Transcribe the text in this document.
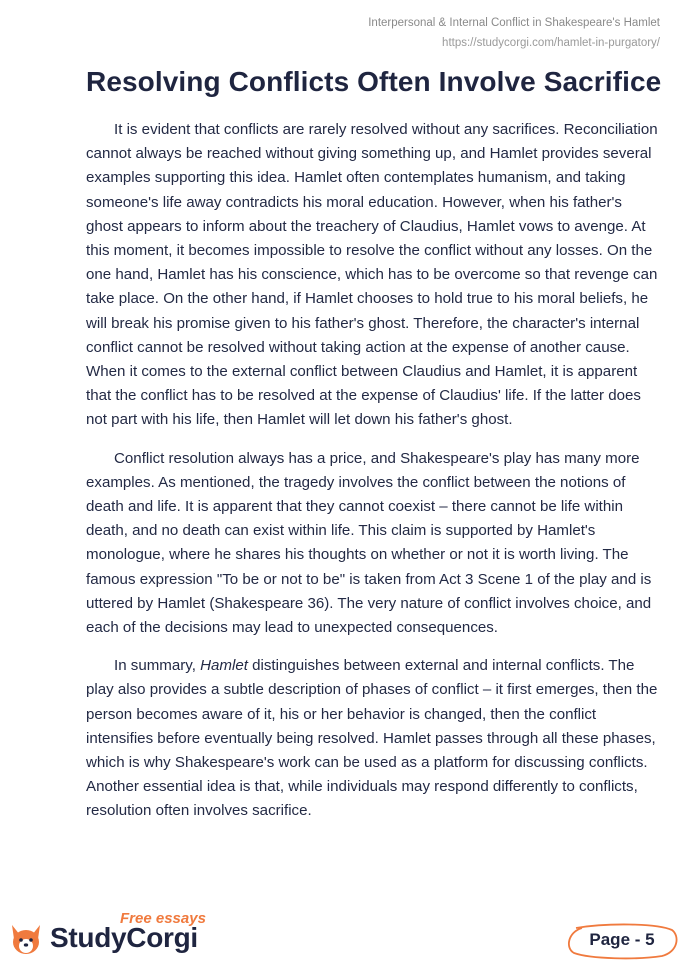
Interpersonal & Internal Conflict in Shakespeare's Hamlet
https://studycorgi.com/hamlet-in-purgatory/
Resolving Conflicts Often Involve Sacrifice

It is evident that conflicts are rarely resolved without any sacrifices. Reconciliation cannot always be reached without giving something up, and Hamlet provides several examples supporting this idea. Hamlet often contemplates humanism, and taking someone's life away contradicts his moral education. However, when his father's ghost appears to inform about the treachery of Claudius, Hamlet vows to avenge. At this moment, it becomes impossible to resolve the conflict without any losses. On the one hand, Hamlet has his conscience, which has to be overcome so that revenge can take place. On the other hand, if Hamlet chooses to hold true to his moral beliefs, he will break his promise given to his father's ghost. Therefore, the character's internal conflict cannot be resolved without taking action at the expense of another cause. When it comes to the external conflict between Claudius and Hamlet, it is apparent that the conflict has to be resolved at the expense of Claudius' life. If the latter does not part with his life, then Hamlet will let down his father's ghost.

Conflict resolution always has a price, and Shakespeare's play has many more examples. As mentioned, the tragedy involves the conflict between the notions of death and life. It is apparent that they cannot coexist – there cannot be life within death, and no death can exist within life. This claim is supported by Hamlet's monologue, where he shares his thoughts on whether or not it is worth living. The famous expression "To be or not to be" is taken from Act 3 Scene 1 of the play and is uttered by Hamlet (Shakespeare 36). The very nature of conflict involves choice, and each of the decisions may lead to unexpected consequences.

In summary, Hamlet distinguishes between external and internal conflicts. The play also provides a subtle description of phases of conflict – it first emerges, then the person becomes aware of it, his or her behavior is changed, then the conflict intensifies before eventually being resolved. Hamlet passes through all these phases, which is why Shakespeare's work can be used as a platform for discussing conflicts. Another essential idea is that, while individuals may respond differently to conflicts, resolution often involves sacrifice.

Free essays
StudyCorgi	Page - 5
